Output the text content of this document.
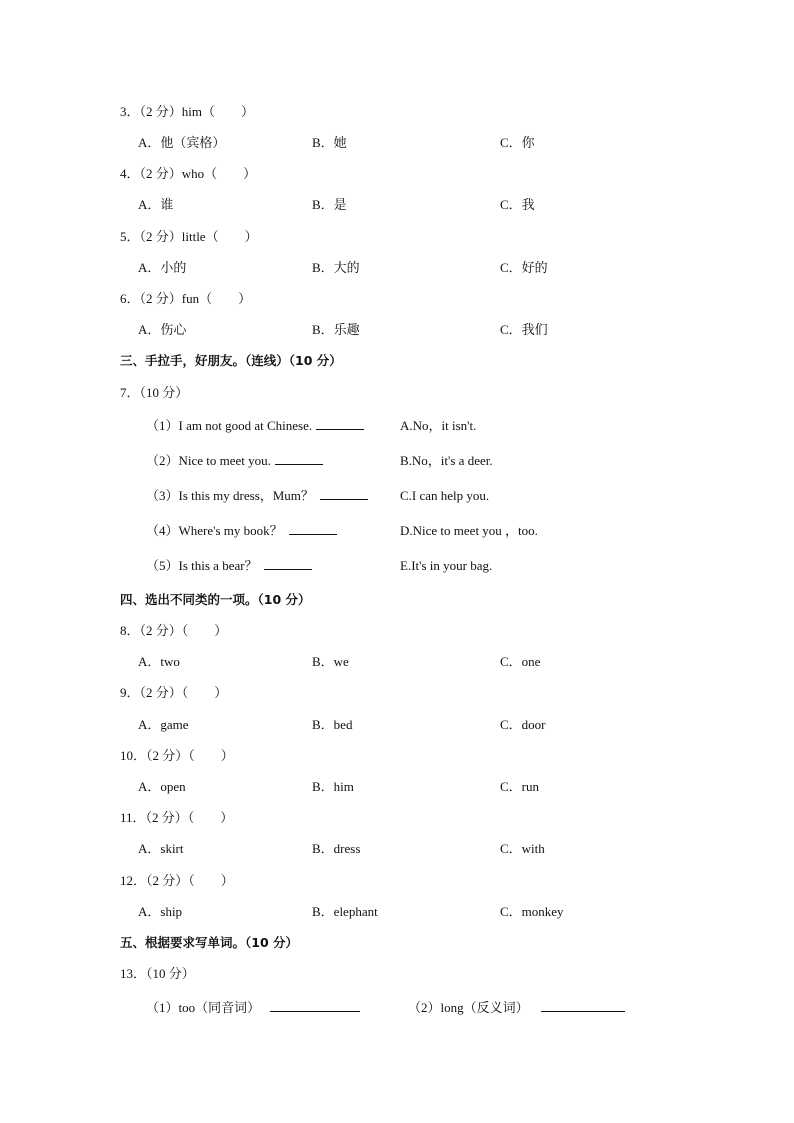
3．（2 分）him（　　）
A．他（宾格）	B．她	C．你
4．（2 分）who（　　）
A．谁	B．是	C．我
5．（2 分）little（　　）
A．小的	B．大的	C．好的
6．（2 分）fun（　　）
A．伤心	B．乐趣	C．我们
三、手拉手，好朋友。（连线）（10 分）
7．（10 分）
（1）I am not good at Chinese.	A.No，it isn't.
（2）Nice to meet you.	B.No，it's a deer.
（3）Is this my dress，Mum？	C.I can help you.
（4）Where's my book？	D.Nice to meet you ，too.
（5）Is this a bear？	E.It's in your bag.
四、选出不同类的一项。（10 分）
8．（2 分）（　　）
A．two	B．we	C．one
9．（2 分）（　　）
A．game	B．bed	C．door
10．（2 分）（　　）
A．open	B．him	C．run
11．（2 分）（　　）
A．skirt	B．dress	C．with
12．（2 分）（　　）
A．ship	B．elephant	C．monkey
五、根据要求写单词。（10 分）
13．（10 分）
（1）too（同音词）	（2）long（反义词）
